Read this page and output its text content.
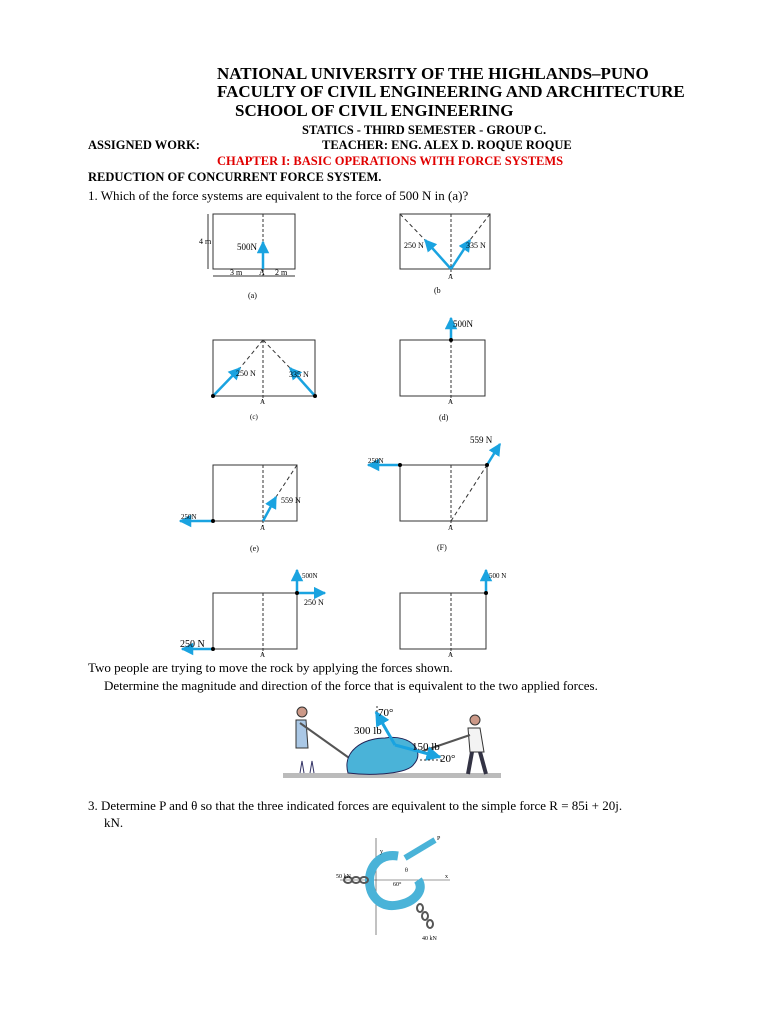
NATIONAL UNIVERSITY OF THE HIGHLANDS–PUNO
FACULTY OF CIVIL ENGINEERING AND ARCHITECTURE
SCHOOL OF CIVIL ENGINEERING
STATICS - THIRD SEMESTER - GROUP C.
ASSIGNED WORK:	TEACHER: ENG. ALEX D. ROQUE ROQUE
CHAPTER I: BASIC OPERATIONS WITH FORCE SYSTEMS
REDUCTION OF CONCURRENT FORCE SYSTEM.
1. Which of the force systems are equivalent to the force of 500 N in (a)?
4 m
500N
3 m A 2 m
(a)
250 N	335 N
A
(b
250 N	335 N
A
(c)
500N
A
(d)
250N
559 N
A
(e)
250N
559 N
A
(F)
500N
250 N
250 N
A
500 N
A
70°
300 lb
150 lb
20°
P
y
θ
50 kN
60°
x
40 kN
Two people are trying to move the rock by applying the forces shown.
Determine the magnitude and direction of the force that is equivalent to the two applied forces.
3. Determine P and θ so that the three indicated forces are equivalent to the simple force R = 85i + 20j.
kN.
